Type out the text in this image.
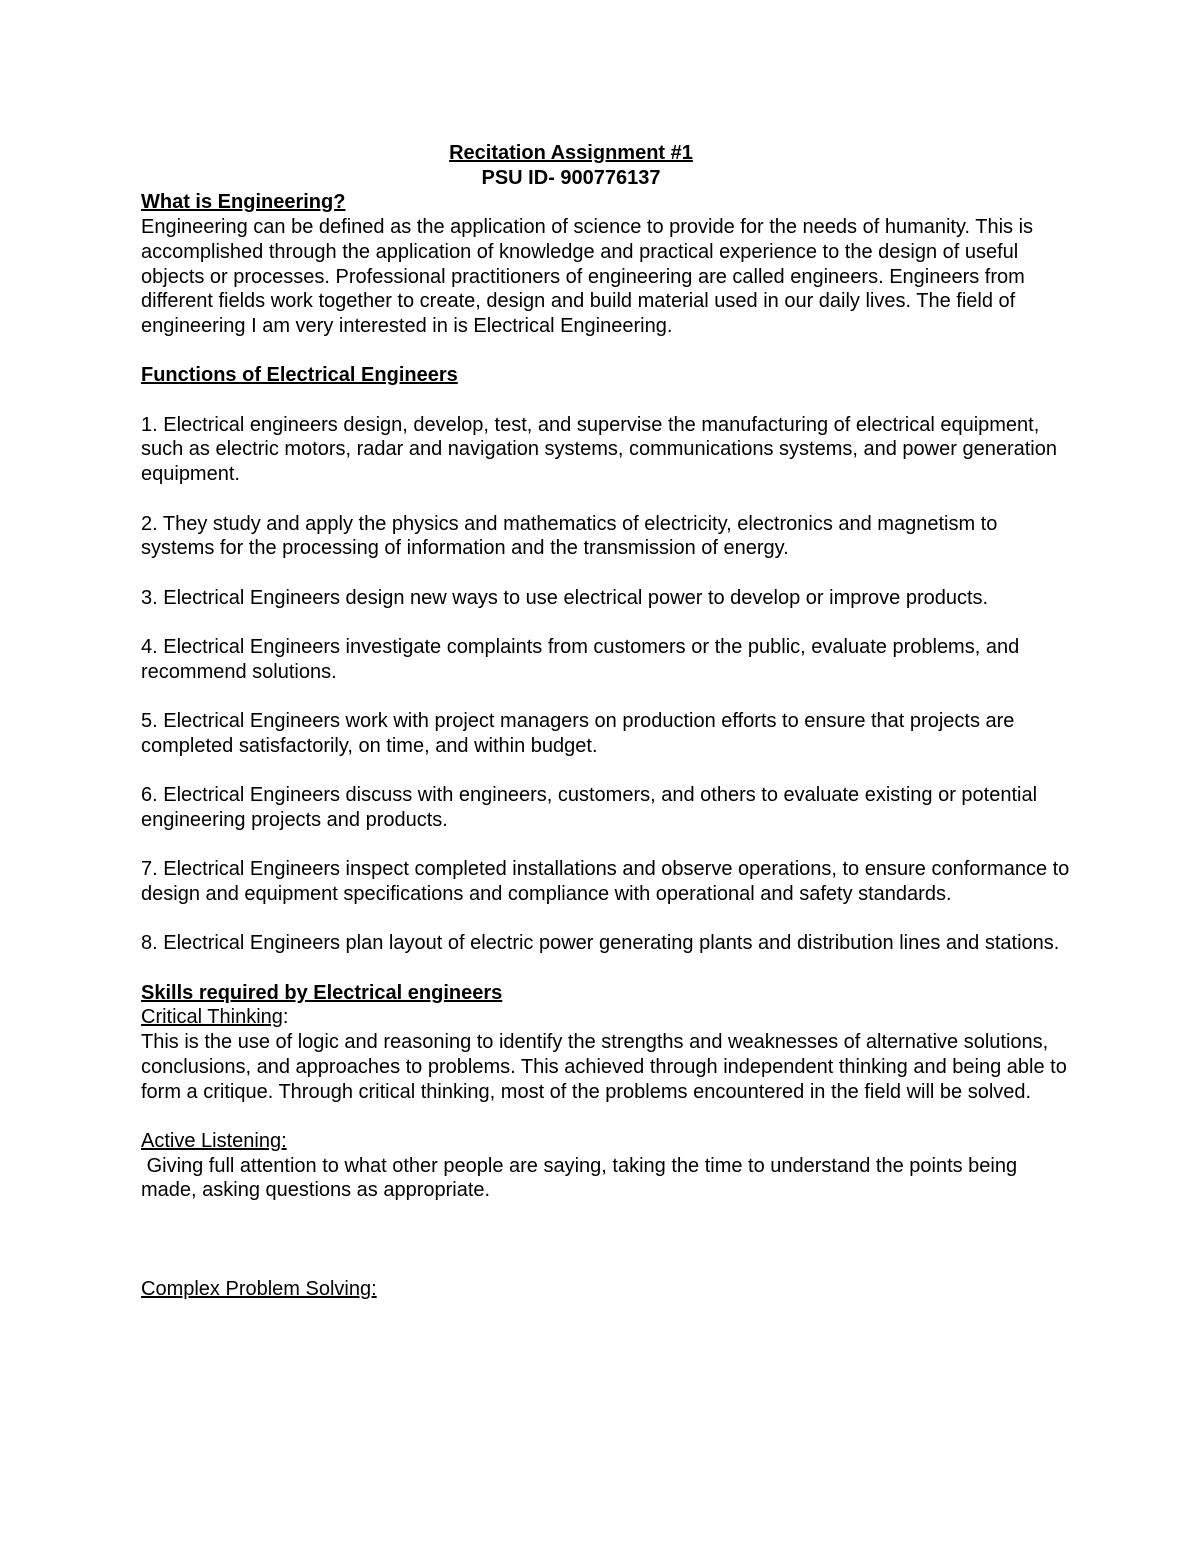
Recitation Assignment #1

PSU ID- 900776137

What is Engineering?

Engineering can be defined as the application of science to provide for the needs of humanity. This is accomplished through the application of knowledge and practical experience to the design of useful objects or processes. Professional practitioners of engineering are called engineers. Engineers from different fields work together to create, design and build material used in our daily lives. The field of engineering I am very interested in is Electrical Engineering.

Functions of Electrical Engineers

1. Electrical engineers design, develop, test, and supervise the manufacturing of electrical equipment, such as electric motors, radar and navigation systems, communications systems, and power generation equipment.

2. They study and apply the physics and mathematics of electricity, electronics and magnetism to systems for the processing of information and the transmission of energy.

3. Electrical Engineers design new ways to use electrical power to develop or improve products.

4. Electrical Engineers investigate complaints from customers or the public, evaluate problems, and recommend solutions.

5. Electrical Engineers work with project managers on production efforts to ensure that projects are completed satisfactorily, on time, and within budget.

6. Electrical Engineers discuss with engineers, customers, and others to evaluate existing or potential engineering projects and products.

7. Electrical Engineers inspect completed installations and observe operations, to ensure conformance to design and equipment specifications and compliance with operational and safety standards.

8. Electrical Engineers plan layout of electric power generating plants and distribution lines and stations.

Skills required by Electrical engineers

Critical Thinking:

This is the use of logic and reasoning to identify the strengths and weaknesses of alternative solutions, conclusions, and approaches to problems. This achieved through independent thinking and being able to form a critique. Through critical thinking, most of the problems encountered in the field will be solved.

Active Listening:

Giving full attention to what other people are saying, taking the time to understand the points being made, asking questions as appropriate.

Complex Problem Solving:
